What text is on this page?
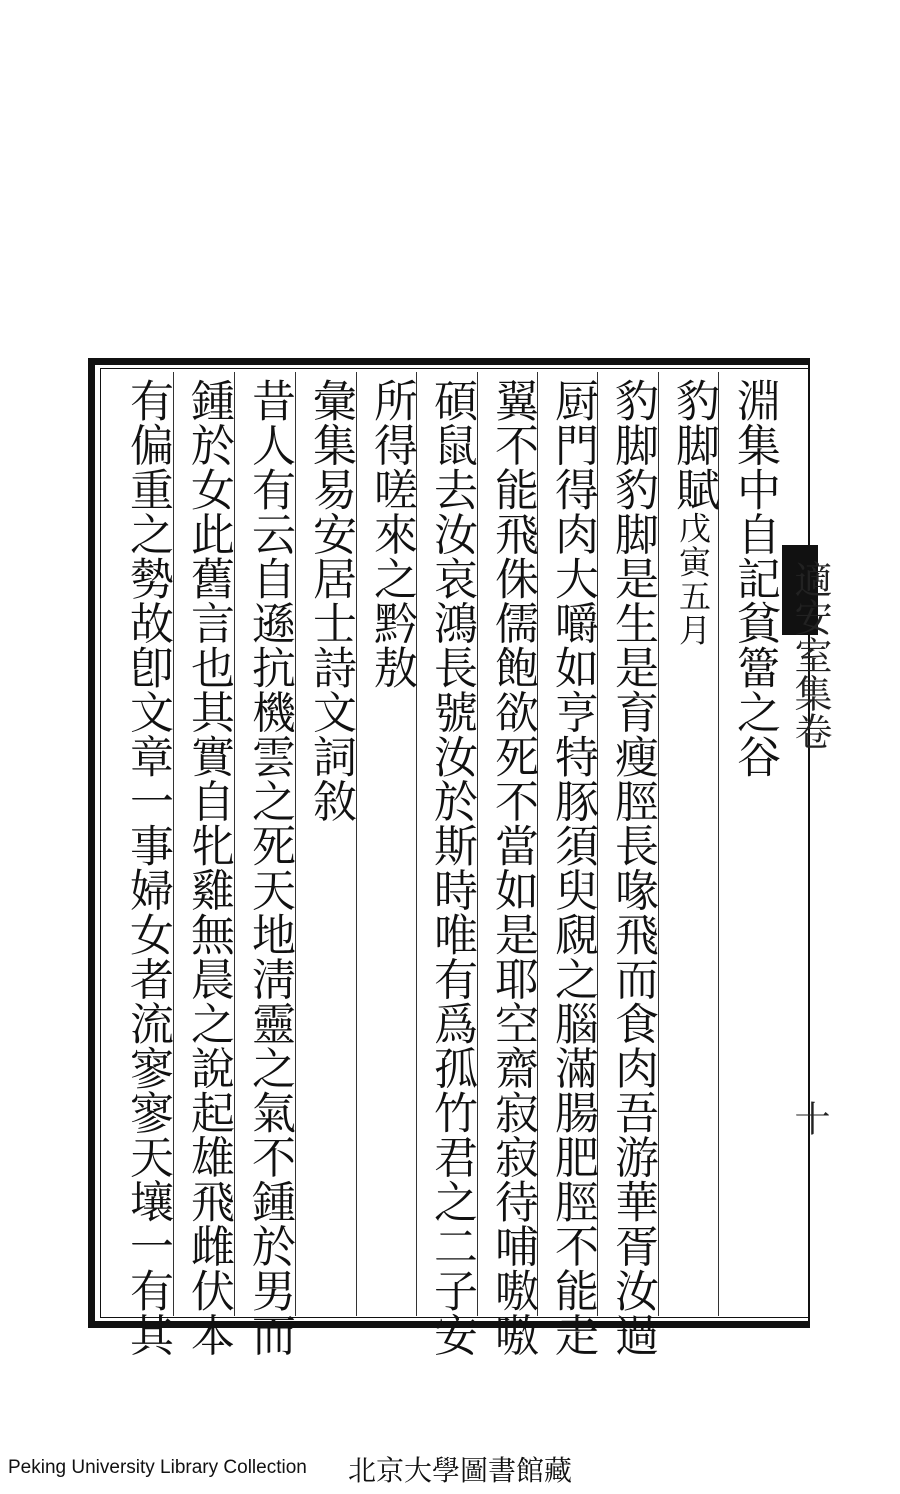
淵集中自記貧簹之谷
豹脚賦戊寅五月
豹脚豹脚是生是育瘦脛長喙飛而食肉吾游華胥汝過
厨門得肉大嚼如亨特豚須臾覛之腦滿腸肥脛不能走
翼不能飛侏儒飽欲死不當如是耶空齋寂寂待哺嗷嗷
碩鼠去汝哀鴻長號汝於斯時唯有爲孤竹君之二子安
所得嗟來之黔敖
彙集易安居士詩文詞敘
昔人有云自遜抗機雲之死天地淸靈之氣不鍾於男而
鍾於女此舊言也其實自牝雞無晨之說起雄飛雌伏本
有偏重之勢故卽文章一事婦女者流寥寥天壤一有其	適安室集卷
十
Peking University Library Collection 北京大學圖書館藏
